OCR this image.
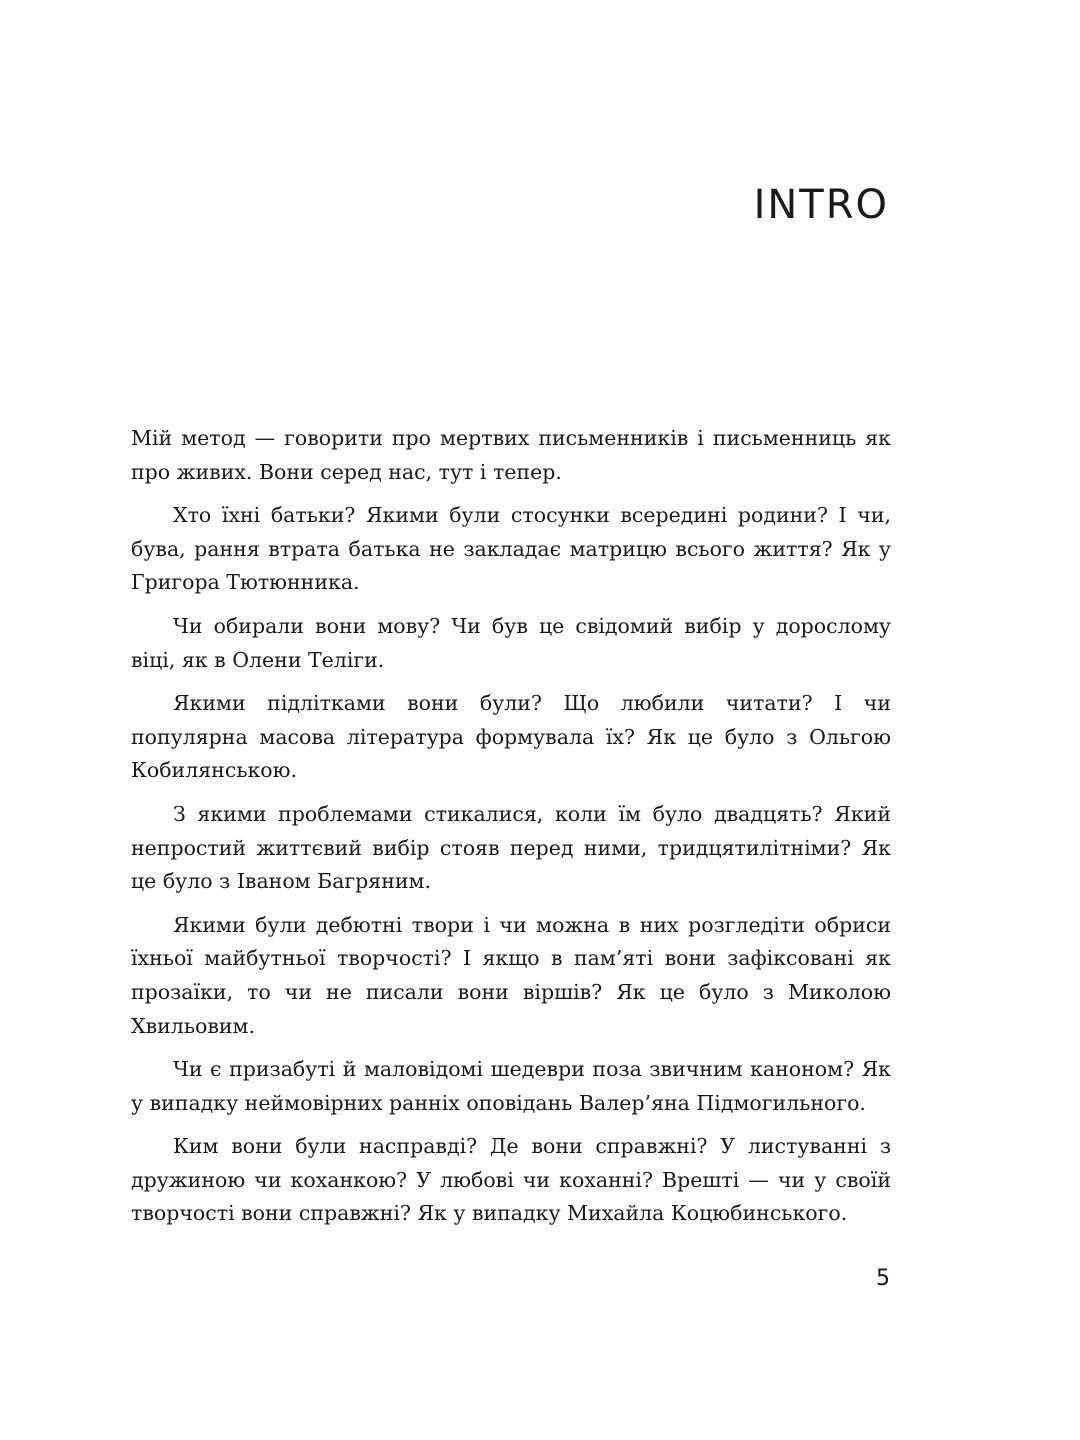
INTRO

Мій метод — говорити про мертвих письменників і письменниць як про живих. Вони серед нас, тут і тепер.

Хто їхні батьки? Якими були стосунки всередині родини? І чи, бува, рання втрата батька не закладає матрицю всього життя? Як у Григора Тютюнника.

Чи обирали вони мову? Чи був це свідомий вибір у дорослому віці, як в Олени Теліги.

Якими підлітками вони були? Що любили читати? І чи популярна масова література формувала їх? Як це було з Ольгою Кобилянською.

З якими проблемами стикалися, коли їм було двадцять? Який непростий життєвий вибір стояв перед ними, тридцятилітніми? Як це було з Іваном Багряним.

Якими були дебютні твори і чи можна в них розгледіти обриси їхньої майбутньої творчості? І якщо в пам’яті вони зафіксовані як прозаїки, то чи не писали вони віршів? Як це було з Миколою Хвильовим.

Чи є призабуті й маловідомі шедеври поза звичним каноном? Як у випадку неймовірних ранніх оповідань Валер’яна Підмогильного.

Ким вони були насправді? Де вони справжні? У листуванні з дружиною чи коханкою? У любові чи коханні? Врешті — чи у своїй творчості вони справжні? Як у випадку Михайла Коцюбинського.

5
